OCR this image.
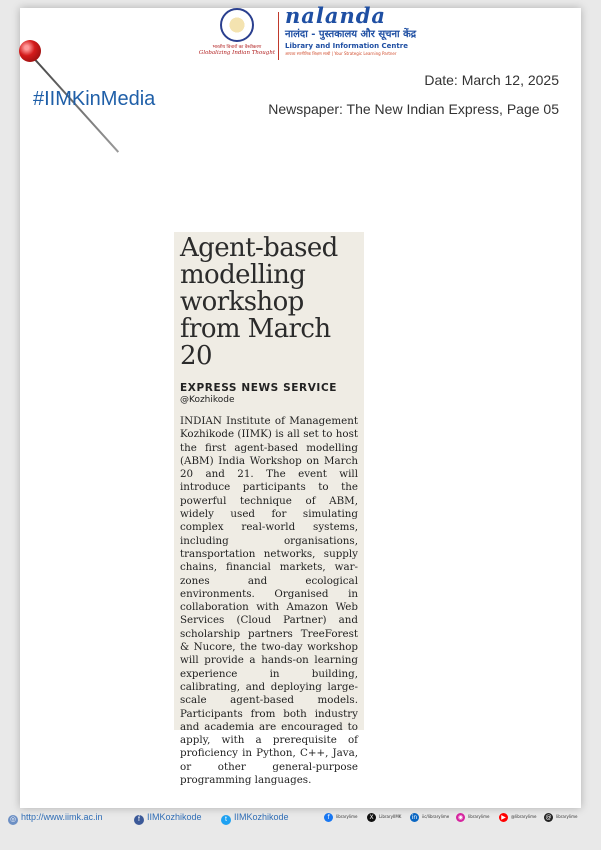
भारतीय विचारों का वैश्वीकरण
Globalizing Indian Thought
nalanda
नालंदा - पुस्तकालय और सूचना केंद्र
Library and Information Centre
आपका रणनीतिक शिक्षण साथी | Your Strategic Learning Partner
#IIMKinMedia
Date: March 12, 2025
Newspaper: The New Indian Express, Page 05
Agent-based modelling workshop from March 20
EXPRESS NEWS SERVICE
@Kozhikode
INDIAN Institute of Management Kozhikode (IIMK) is all set to host the first agent-based modelling (ABM) India Workshop on March 20 and 21. The event will introduce participants to the powerful technique of ABM, widely used for simulating complex real-world systems, including organisations, transportation networks, supply chains, financial markets, war-zones and ecological environments. Organised in collaboration with Amazon Web Services (Cloud Partner) and scholarship partners TreeForest & Nucore, the two-day workshop will provide a hands-on learning experience in building, calibrating, and deploying large-scale agent-based models. Participants from both industry and academia are encouraged to apply, with a prerequisite of proficiency in Python, C++, Java, or other general-purpose programming languages.
◎ http://www.iimk.ac.in	f IIMKozhikode	t IIMKozhikode	f librarylime	X LibraryIIMK in iic/librarylime	◉ librarylime	▶ @librarylime @ librarylime
